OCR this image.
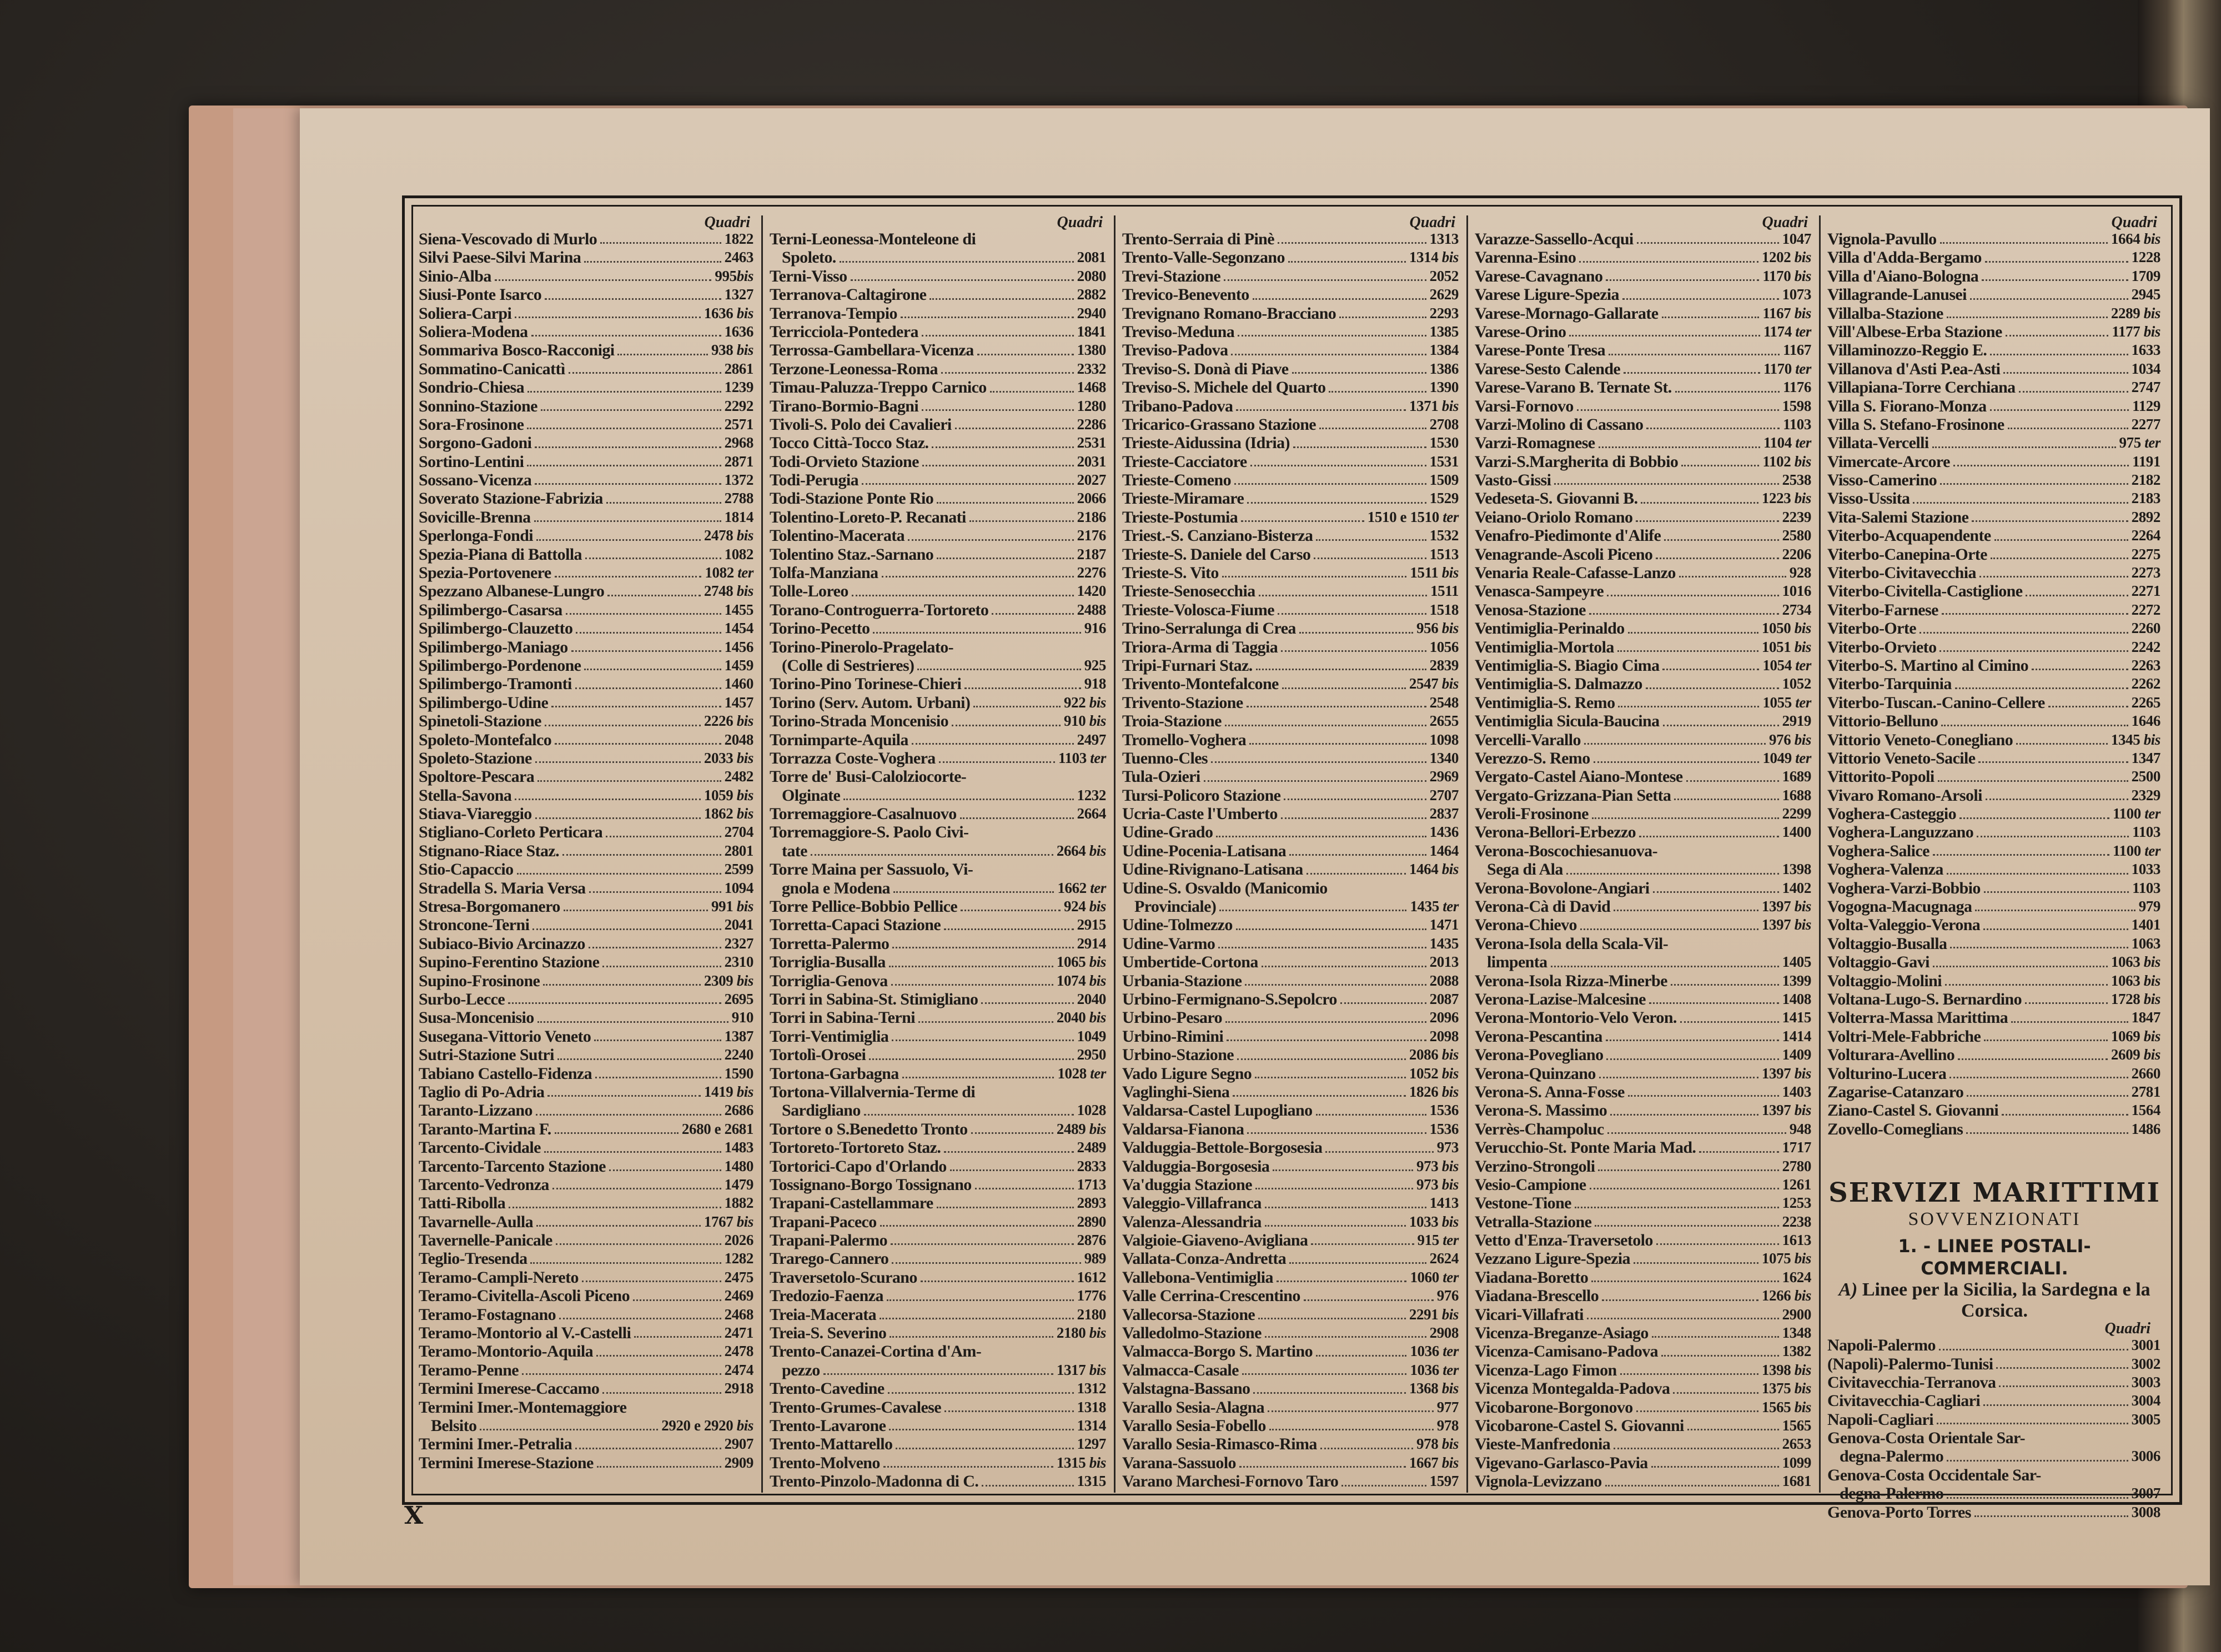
Quadri
Siena-Vescovado di Murlo	1822
Silvi Paese-Silvi Marina	2463
Sinio-Alba	995bis
Siusi-Ponte Isarco	1327
Soliera-Carpi	1636 bis
Soliera-Modena	1636
Sommariva Bosco-Racconigi	938 bis
Sommatino-Canicattì	2861
Sondrio-Chiesa	1239
Sonnino-Stazione	2292
Sora-Frosinone	2571
Sorgono-Gadoni	2968
Sortino-Lentini	2871
Sossano-Vicenza	1372
Soverato Stazione-Fabrizia	2788
Sovicille-Brenna	1814
Sperlonga-Fondi	2478 bis
Spezia-Piana di Battolla	1082
Spezia-Portovenere	1082 ter
Spezzano Albanese-Lungro	2748 bis
Spilimbergo-Casarsa	1455
Spilimbergo-Clauzetto	1454
Spilimbergo-Maniago	1456
Spilimbergo-Pordenone	1459
Spilimbergo-Tramonti	1460
Spilimbergo-Udine	1457
Spinetoli-Stazione	2226 bis
Spoleto-Montefalco	2048
Spoleto-Stazione	2033 bis
Spoltore-Pescara	2482
Stella-Savona	1059 bis
Stiava-Viareggio	1862 bis
Stigliano-Corleto Perticara	2704
Stignano-Riace Staz.	2801
Stio-Capaccio	2599
Stradella S. Maria Versa	1094
Stresa-Borgomanero	991 bis
Stroncone-Terni	2041
Subiaco-Bivio Arcinazzo	2327
Supino-Ferentino Stazione	2310
Supino-Frosinone	2309 bis
Surbo-Lecce	2695
Susa-Moncenisio	910
Susegana-Vittorio Veneto	1387
Sutri-Stazione Sutri	2240
Tabiano Castello-Fidenza	1590
Taglio di Po-Adria	1419 bis
Taranto-Lizzano	2686
Taranto-Martina F.	2680 e 2681
Tarcento-Cividale	1483
Tarcento-Tarcento Stazione	1480
Tarcento-Vedronza	1479
Tatti-Ribolla	1882
Tavarnelle-Aulla	1767 bis
Tavernelle-Panicale	2026
Teglio-Tresenda	1282
Teramo-Campli-Nereto	2475
Teramo-Civitella-Ascoli Piceno	2469
Teramo-Fostagnano	2468
Teramo-Montorio al V.-Castelli	2471
Teramo-Montorio-Aquila	2478
Teramo-Penne	2474
Termini Imerese-Caccamo	2918
Termini Imer.-Montemaggiore
Belsito	2920 e 2920 bis
Termini Imer.-Petralia	2907
Termini Imerese-Stazione	2909
Quadri
Terni-Leonessa-Monteleone di
Spoleto.	2081
Terni-Visso	2080
Terranova-Caltagirone	2882
Terranova-Tempio	2940
Terricciola-Pontedera	1841
Terrossa-Gambellara-Vicenza	1380
Terzone-Leonessa-Roma	2332
Timau-Paluzza-Treppo Carnico	1468
Tirano-Bormio-Bagni	1280
Tivoli-S. Polo dei Cavalieri	2286
Tocco Città-Tocco Staz.	2531
Todi-Orvieto Stazione	2031
Todi-Perugia	2027
Todi-Stazione Ponte Rio	2066
Tolentino-Loreto-P. Recanati	2186
Tolentino-Macerata	2176
Tolentino Staz.-Sarnano	2187
Tolfa-Manziana	2276
Tolle-Loreo	1420
Torano-Controguerra-Tortoreto	2488
Torino-Pecetto	916
Torino-Pinerolo-Pragelato-
(Colle di Sestrieres)	925
Torino-Pino Torinese-Chieri	918
Torino (Serv. Autom. Urbani)	922 bis
Torino-Strada Moncenisio	910 bis
Tornimparte-Aquila	2497
Torrazza Coste-Voghera	1103 ter
Torre de' Busi-Calolziocorte-
Olginate	1232
Torremaggiore-Casalnuovo	2664
Torremaggiore-S. Paolo Civi-
tate	2664 bis
Torre Maina per Sassuolo, Vi-
gnola e Modena	1662 ter
Torre Pellice-Bobbio Pellice	924 bis
Torretta-Capaci Stazione	2915
Torretta-Palermo	2914
Torriglia-Busalla	1065 bis
Torriglia-Genova	1074 bis
Torri in Sabina-St. Stimigliano	2040
Torri in Sabina-Terni	2040 bis
Torri-Ventimiglia	1049
Tortolì-Orosei	2950
Tortona-Garbagna	1028 ter
Tortona-Villalvernia-Terme di
Sardigliano	1028
Tortore o S.Benedetto Tronto	2489 bis
Tortoreto-Tortoreto Staz.	2489
Tortorici-Capo d'Orlando	2833
Tossignano-Borgo Tossignano	1713
Trapani-Castellammare	2893
Trapani-Paceco	2890
Trapani-Palermo	2876
Trarego-Cannero	989
Traversetolo-Scurano	1612
Tredozio-Faenza	1776
Treia-Macerata	2180
Treia-S. Severino	2180 bis
Trento-Canazei-Cortina d'Am-
pezzo	1317 bis
Trento-Cavedine	1312
Trento-Grumes-Cavalese	1318
Trento-Lavarone	1314
Trento-Mattarello	1297
Trento-Molveno	1315 bis
Trento-Pinzolo-Madonna di C.	1315
Quadri
Trento-Serraia di Pinè	1313
Trento-Valle-Segonzano	1314 bis
Trevi-Stazione	2052
Trevico-Benevento	2629
Trevignano Romano-Bracciano	2293
Treviso-Meduna	1385
Treviso-Padova	1384
Treviso-S. Donà di Piave	1386
Treviso-S. Michele del Quarto	1390
Tribano-Padova	1371 bis
Tricarico-Grassano Stazione	2708
Trieste-Aidussina (Idria)	1530
Trieste-Cacciatore	1531
Trieste-Comeno	1509
Trieste-Miramare	1529
Trieste-Postumia	1510 e 1510 ter
Triest.-S. Canziano-Bisterza	1532
Trieste-S. Daniele del Carso	1513
Trieste-S. Vito	1511 bis
Trieste-Senosecchia	1511
Trieste-Volosca-Fiume	1518
Trino-Serralunga di Crea	956 bis
Triora-Arma di Taggia	1056
Tripi-Furnari Staz.	2839
Trivento-Montefalcone	2547 bis
Trivento-Stazione	2548
Troia-Stazione	2655
Tromello-Voghera	1098
Tuenno-Cles	1340
Tula-Ozieri	2969
Tursi-Policoro Stazione	2707
Ucria-Caste l'Umberto	2837
Udine-Grado	1436
Udine-Pocenia-Latisana	1464
Udine-Rivignano-Latisana	1464 bis
Udine-S. Osvaldo (Manicomio
Provinciale)	1435 ter
Udine-Tolmezzo	1471
Udine-Varmo	1435
Umbertide-Cortona	2013
Urbania-Stazione	2088
Urbino-Fermignano-S.Sepolcro	2087
Urbino-Pesaro	2096
Urbino-Rimini	2098
Urbino-Stazione	2086 bis
Vado Ligure Segno	1052 bis
Vaglinghi-Siena	1826 bis
Valdarsa-Castel Lupogliano	1536
Valdarsa-Fianona	1536
Valduggia-Bettole-Borgosesia	973
Valduggia-Borgosesia	973 bis
Va'duggia Stazione	973 bis
Valeggio-Villafranca	1413
Valenza-Alessandria	1033 bis
Valgioie-Giaveno-Avigliana	915 ter
Vallata-Conza-Andretta	2624
Vallebona-Ventimiglia	1060 ter
Valle Cerrina-Crescentino	976
Vallecorsa-Stazione	2291 bis
Valledolmo-Stazione	2908
Valmacca-Borgo S. Martino	1036 ter
Valmacca-Casale	1036 ter
Valstagna-Bassano	1368 bis
Varallo Sesia-Alagna	977
Varallo Sesia-Fobello	978
Varallo Sesia-Rimasco-Rima	978 bis
Varana-Sassuolo	1667 bis
Varano Marchesi-Fornovo Taro	1597
Quadri
Varazze-Sassello-Acqui	1047
Varenna-Esino	1202 bis
Varese-Cavagnano	1170 bis
Varese Ligure-Spezia	1073
Varese-Mornago-Gallarate	1167 bis
Varese-Orino	1174 ter
Varese-Ponte Tresa	1167
Varese-Sesto Calende	1170 ter
Varese-Varano B. Ternate St.	1176
Varsi-Fornovo	1598
Varzi-Molino di Cassano	1103
Varzi-Romagnese	1104 ter
Varzi-S.Margherita di Bobbio	1102 bis
Vasto-Gissi	2538
Vedeseta-S. Giovanni B.	1223 bis
Veiano-Oriolo Romano	2239
Venafro-Piedimonte d'Alife	2580
Venagrande-Ascoli Piceno	2206
Venaria Reale-Cafasse-Lanzo	928
Venasca-Sampeyre	1016
Venosa-Stazione	2734
Ventimiglia-Perinaldo	1050 bis
Ventimiglia-Mortola	1051 bis
Ventimiglia-S. Biagio Cima	1054 ter
Ventimiglia-S. Dalmazzo	1052
Ventimiglia-S. Remo	1055 ter
Ventimiglia Sicula-Baucina	2919
Vercelli-Varallo	976 bis
Verezzo-S. Remo	1049 ter
Vergato-Castel Aiano-Montese	1689
Vergato-Grizzana-Pian Setta	1688
Veroli-Frosinone	2299
Verona-Bellori-Erbezzo	1400
Verona-Boscochiesanuova-
Sega di Ala	1398
Verona-Bovolone-Angiari	1402
Verona-Cà di David	1397 bis
Verona-Chievo	1397 bis
Verona-Isola della Scala-Vil-
limpenta	1405
Verona-Isola Rizza-Minerbe	1399
Verona-Lazise-Malcesine	1408
Verona-Montorio-Velo Veron.	1415
Verona-Pescantina	1414
Verona-Povegliano	1409
Verona-Quinzano	1397 bis
Verona-S. Anna-Fosse	1403
Verona-S. Massimo	1397 bis
Verrès-Champoluc	948
Verucchio-St. Ponte Maria Mad.	1717
Verzino-Strongoli	2780
Vesio-Campione	1261
Vestone-Tione	1253
Vetralla-Stazione	2238
Vetto d'Enza-Traversetolo	1613
Vezzano Ligure-Spezia	1075 bis
Viadana-Boretto	1624
Viadana-Brescello	1266 bis
Vicari-Villafrati	2900
Vicenza-Breganze-Asiago	1348
Vicenza-Camisano-Padova	1382
Vicenza-Lago Fimon	1398 bis
Vicenza Montegalda-Padova	1375 bis
Vicobarone-Borgonovo	1565 bis
Vicobarone-Castel S. Giovanni	1565
Vieste-Manfredonia	2653
Vigevano-Garlasco-Pavia	1099
Vignola-Levizzano	1681
Quadri
Vignola-Pavullo	1664 bis
Villa d'Adda-Bergamo	1228
Villa d'Aiano-Bologna	1709
Villagrande-Lanusei	2945
Villalba-Stazione	2289 bis
Vill'Albese-Erba Stazione	1177 bis
Villaminozzo-Reggio E.	1633
Villanova d'Asti P.ea-Asti	1034
Villapiana-Torre Cerchiana	2747
Villa S. Fiorano-Monza	1129
Villa S. Stefano-Frosinone	2277
Villata-Vercelli	975 ter
Vimercate-Arcore	1191
Visso-Camerino	2182
Visso-Ussita	2183
Vita-Salemi Stazione	2892
Viterbo-Acquapendente	2264
Viterbo-Canepina-Orte	2275
Viterbo-Civitavecchia	2273
Viterbo-Civitella-Castiglione	2271
Viterbo-Farnese	2272
Viterbo-Orte	2260
Viterbo-Orvieto	2242
Viterbo-S. Martino al Cimino	2263
Viterbo-Tarquinia	2262
Viterbo-Tuscan.-Canino-Cellere	2265
Vittorio-Belluno	1646
Vittorio Veneto-Conegliano	1345 bis
Vittorio Veneto-Sacile	1347
Vittorito-Popoli	2500
Vivaro Romano-Arsoli	2329
Voghera-Casteggio	1100 ter
Voghera-Languzzano	1103
Voghera-Salice	1100 ter
Voghera-Valenza	1033
Voghera-Varzi-Bobbio	1103
Vogogna-Macugnaga	979
Volta-Valeggio-Verona	1401
Voltaggio-Busalla	1063
Voltaggio-Gavi	1063 bis
Voltaggio-Molini	1063 bis
Voltana-Lugo-S. Bernardino	1728 bis
Volterra-Massa Marittima	1847
Voltri-Mele-Fabbriche	1069 bis
Volturara-Avellino	2609 bis
Volturino-Lucera	2660
Zagarise-Catanzaro	2781
Ziano-Castel S. Giovanni	1564
Zovello-Comeglians	1486
SERVIZI MARITTIMI
SOVVENZIONATI
1. - LINEE POSTALI-COMMERCIALI.
A) Linee per la Sicilia, la Sardegna e la Corsica.
Quadri
Napoli-Palermo	3001
(Napoli)-Palermo-Tunisi	3002
Civitavecchia-Terranova	3003
Civitavecchia-Cagliari	3004
Napoli-Cagliari	3005
Genova-Costa Orientale Sar-
degna-Palermo	3006
Genova-Costa Occidentale Sar-
degna-Palermo	3007
Genova-Porto Torres	3008
X
